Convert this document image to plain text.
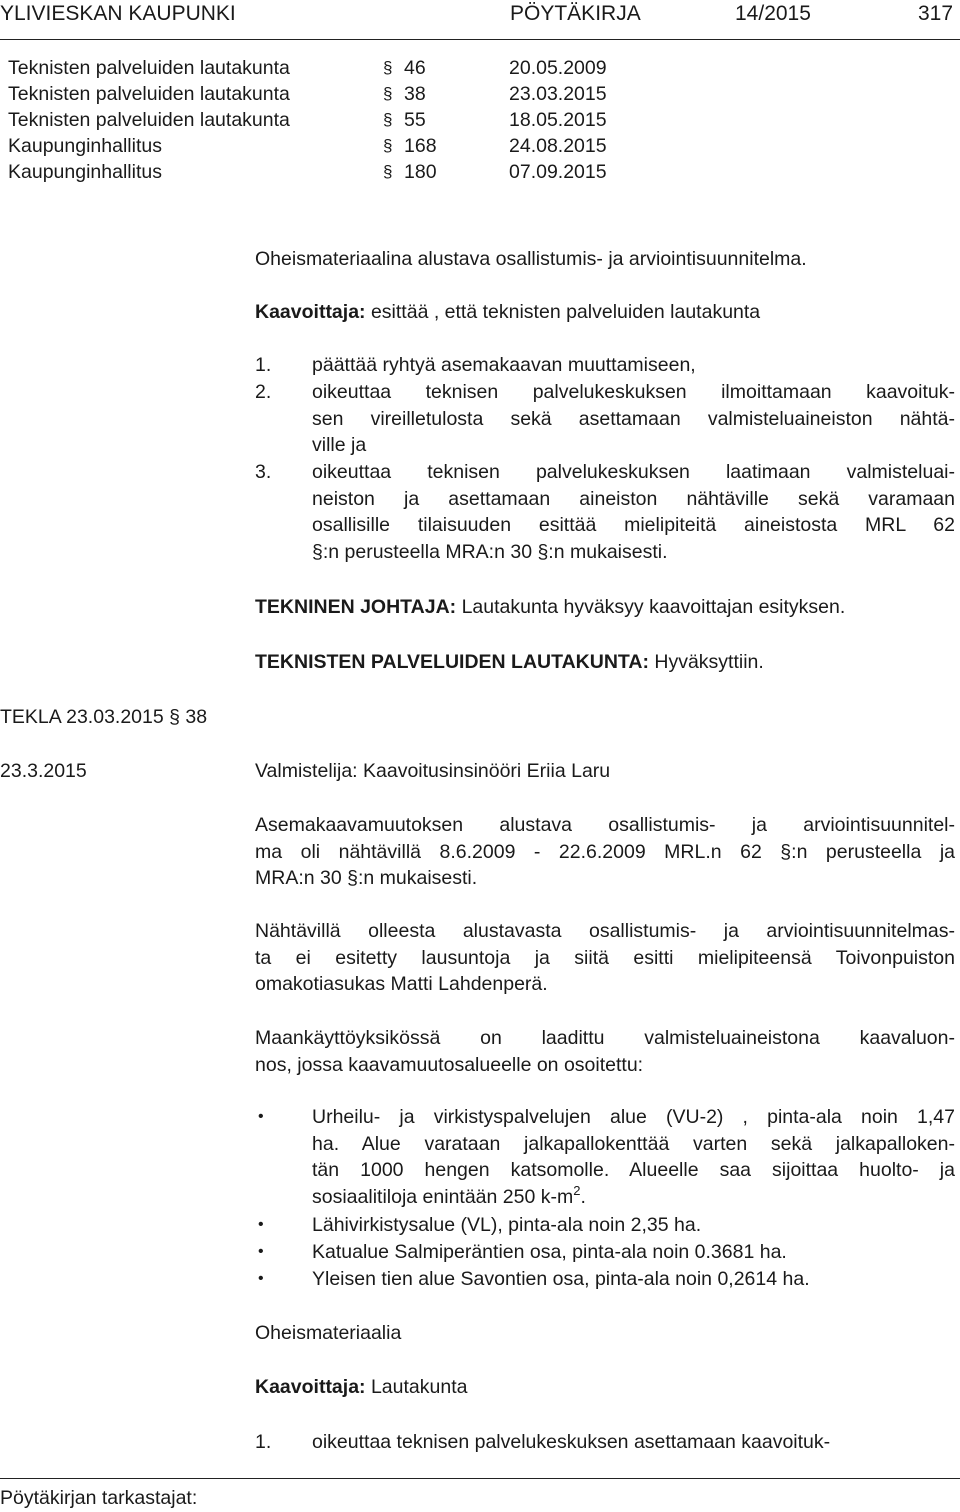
YLIVIESKAN KAUPUNKI	PÖYTÄKIRJA	14/2015	317
Teknisten palveluiden lautakunta	§ 46	20.05.2009
Teknisten palveluiden lautakunta	§ 38	23.03.2015
Teknisten palveluiden lautakunta	§ 55	18.05.2015
Kaupunginhallitus	§ 168	24.08.2015
Kaupunginhallitus	§ 180	07.09.2015
Oheismateriaalina alustava osallistumis- ja arviointisuunnitelma.
Kaavoittaja: esittää , että teknisten palveluiden lautakunta
1. päättää ryhtyä asemakaavan muuttamiseen,
2. oikeuttaa teknisen palvelukeskuksen ilmoittamaan kaavoituk-
sen vireilletulosta sekä asettamaan valmisteluaineiston nähtä-
ville ja
3. oikeuttaa teknisen palvelukeskuksen laatimaan valmisteluai-
neiston ja asettamaan aineiston nähtäville sekä varamaan
osallisille tilaisuuden esittää mielipiteitä aineistosta MRL 62
§:n perusteella MRA:n 30 §:n mukaisesti.
TEKNINEN JOHTAJA: Lautakunta hyväksyy kaavoittajan esityksen.
TEKNISTEN PALVELUIDEN LAUTAKUNTA: Hyväksyttiin.
TEKLA 23.03.2015 § 38
23.3.2015	Valmistelija: Kaavoitusinsinööri Eriia Laru
Asemakaavamuutoksen alustava osallistumis- ja arviointisuunnitel-
ma oli nähtävillä 8.6.2009 - 22.6.2009 MRL.n 62 §:n perusteella ja
MRA:n 30 §:n mukaisesti.
Nähtävillä olleesta alustavasta osallistumis- ja arviointisuunnitelmas-
ta ei esitetty lausuntoja ja siitä esitti mielipiteensä Toivonpuiston
omakotiasukas Matti Lahdenperä.
Maankäyttöyksikössä on laadittu valmisteluaineistona kaavaluon-
nos, jossa kaavamuutosalueelle on osoitettu:
• Urheilu- ja virkistyspalvelujen alue (VU-2) , pinta-ala noin 1,47
ha. Alue varataan jalkapallokenttää varten sekä jalkapalloken-
tän 1000 hengen katsomolle. Alueelle saa sijoittaa huolto- ja
sosiaalitiloja enintään 250 $k-m^2$.
• Lähivirkistysalue (VL), pinta-ala noin 2,35 ha.
• Katualue Salmiperäntien osa, pinta-ala noin 0.3681 ha.
• Yleisen tien alue Savontien osa, pinta-ala noin 0,2614 ha.
Oheismateriaalia
Kaavoittaja: Lautakunta
1. oikeuttaa teknisen palvelukeskuksen asettamaan kaavoituk-
Pöytäkirjan tarkastajat:
